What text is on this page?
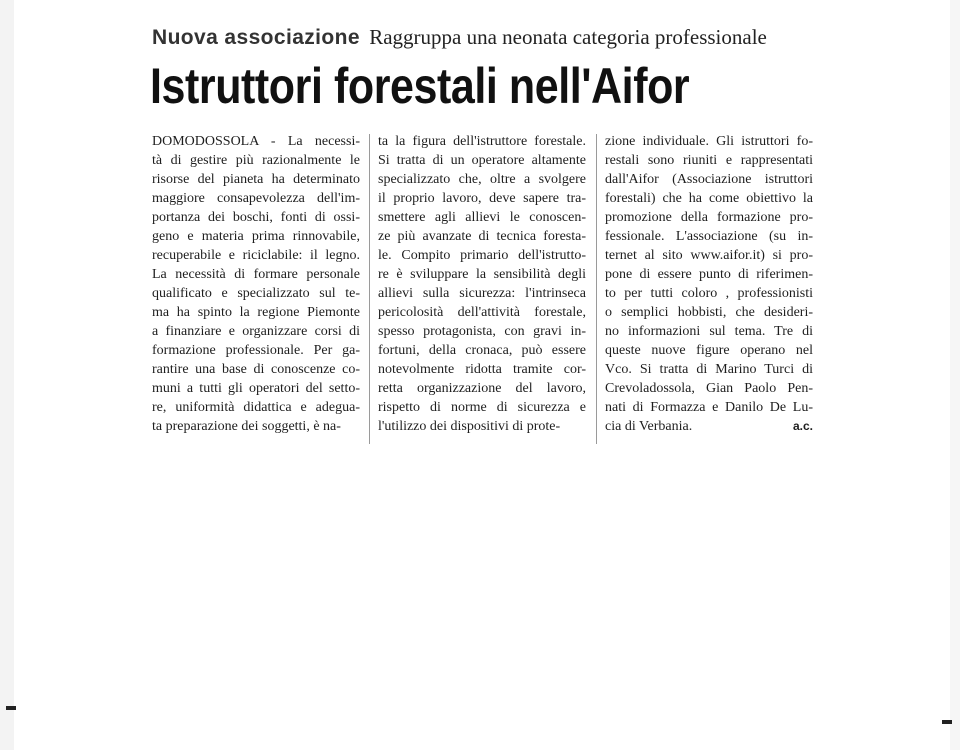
Nuova associazione Raggruppa una neonata categoria professionale
Istruttori forestali nell'Aifor
DOMODOSSOLA - La necessi-
tà di gestire più razionalmente le
risorse del pianeta ha determinato
maggiore consapevolezza dell'im-
portanza dei boschi, fonti di ossi-
geno e materia prima rinnovabile,
recuperabile e riciclabile: il legno.
La necessità di formare personale
qualificato e specializzato sul te-
ma ha spinto la regione Piemonte
a finanziare e organizzare corsi di
formazione professionale. Per ga-
rantire una base di conoscenze co-
muni a tutti gli operatori del setto-
re, uniformità didattica e adegua-
ta preparazione dei soggetti, è na-
ta la figura dell'istruttore forestale.
Si tratta di un operatore altamente
specializzato che, oltre a svolgere
il proprio lavoro, deve sapere tra-
smettere agli allievi le conoscen-
ze più avanzate di tecnica foresta-
le. Compito primario dell'istrutto-
re è sviluppare la sensibilità degli
allievi sulla sicurezza: l'intrinseca
pericolosità dell'attività forestale,
spesso protagonista, con gravi in-
fortuni, della cronaca, può essere
notevolmente ridotta tramite cor-
retta organizzazione del lavoro,
rispetto di norme di sicurezza e
l'utilizzo dei dispositivi di prote-
zione individuale. Gli istruttori fo-
restali sono riuniti e rappresentati
dall'Aifor (Associazione istruttori
forestali) che ha come obiettivo la
promozione della formazione pro-
fessionale. L'associazione (su in-
ternet al sito www.aifor.it) si pro-
pone di essere punto di riferimen-
to per tutti coloro , professionisti
o semplici hobbisti, che desideri-
no informazioni sul tema. Tre di
queste nuove figure operano nel
Vco. Si tratta di Marino Turci di
Crevoladossola, Gian Paolo Pen-
nati di Formazza e Danilo De Lu-
cia di Verbania.	a.c.
